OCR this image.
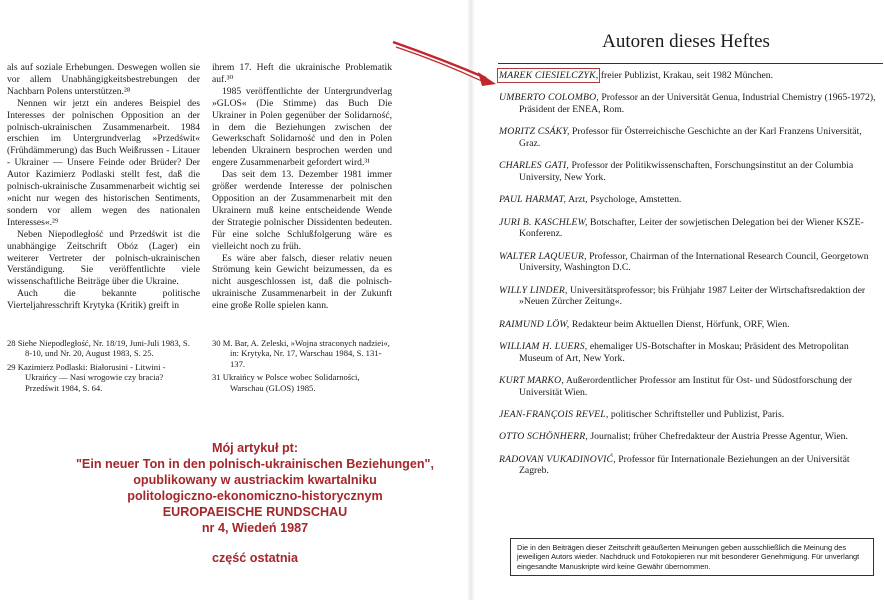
als auf soziale Erhebungen. Deswegen wollen sie vor allem Unabhängigkeitsbestrebungen der Nachbarn Polens unterstützen.²⁸

Nennen wir jetzt ein anderes Beispiel des Interesses der polnischen Opposition an der polnisch-ukrainischen Zusammenarbeit. 1984 erschien im Untergrundverlag »Przedświt« (Frühdämmerung) das Buch Weißrussen - Litauer - Ukrainer — Unsere Feinde oder Brüder? Der Autor Kazimierz Podlaski stellt fest, daß die polnisch-ukrainische Zusammenarbeit wichtig sei »nicht nur wegen des historischen Sentiments, sondern vor allem wegen des nationalen Interesses«.²⁹

Neben Niepodległość und Przedświt ist die unabhängige Zeitschrift Obóz (Lager) ein weiterer Vertreter der polnisch-ukrainischen Verständigung. Sie veröffentlichte viele wissenschaftliche Beiträge über die Ukraine.

Auch die bekannte politische Vierteljahresschrift Krytyka (Kritik) greift in

ihrem 17. Heft die ukrainische Problematik auf.³⁰

1985 veröffentlichte der Untergrundverlag »GLOS« (Die Stimme) das Buch Die Ukrainer in Polen gegenüber der Solidarność, in dem die Beziehungen zwischen der Gewerkschaft Solidarność und den in Polen lebenden Ukrainern besprochen werden und engere Zusammenarbeit gefordert wird.³¹

Das seit dem 13. Dezember 1981 immer größer werdende Interesse der polnischen Opposition an der Zusammenarbeit mit den Ukrainern muß keine entscheidende Wende der Strategie polnischer Dissidenten bedeuten. Für eine solche Schlußfolgerung wäre es vielleicht noch zu früh.

Es wäre aber falsch, dieser relativ neuen Strömung kein Gewicht beizumessen, da es nicht ausgeschlossen ist, daß die polnisch-ukrainische Zusammenarbeit in der Zukunft eine große Rolle spielen kann.

28 Siehe Niepodległość, Nr. 18/19, Juni-Juli 1983, S. 8-10, und Nr. 20, August 1983, S. 25.
29 Kazimierz Podlaski: Białorusini - Litwini - Ukraińcy — Nasi wrogowie czy bracia? Przedświt 1984, S. 64.
30 M. Bar, A. Zeleski, »Wojna straconych nadziei«, in: Krytyka, Nr. 17, Warschau 1984, S. 131-137.
31 Ukraińcy w Polsce wobec Solidarności, Warschau (GLOS) 1985.
Mój artykuł pt:
"Ein neuer Ton in den polnisch-ukrainischen Beziehungen",
opublikowany w austriackim kwartalniku
politologiczno-ekonomiczno-historycznym
EUROPAEISCHE RUNDSCHAU
nr 4, Wiedeń 1987
część ostatnia
Autoren dieses Heftes
MAREK CIESIELCZYK, freier Publizist, Krakau, seit 1982 München.
UMBERTO COLOMBO, Professor an der Universität Genua, Industrial Chemistry (1965-1972), Präsident der ENEA, Rom.
MORITZ CSÁKY, Professor für Österreichische Geschichte an der Karl Franzens Universität, Graz.
CHARLES GATI, Professor der Politikwissenschaften, Forschungsinstitut an der Columbia University, New York.
PAUL HARMAT, Arzt, Psychologe, Amstetten.
JURI B. KASCHLEW, Botschafter, Leiter der sowjetischen Delegation bei der Wiener KSZE-Konferenz.
WALTER LAQUEUR, Professor, Chairman of the International Research Council, Georgetown University, Washington D.C.
WILLY LINDER, Universitätsprofessor; bis Frühjahr 1987 Leiter der Wirtschaftsredaktion der »Neuen Zürcher Zeitung«.
RAIMUND LÖW, Redakteur beim Aktuellen Dienst, Hörfunk, ORF, Wien.
WILLIAM H. LUERS, ehemaliger US-Botschafter in Moskau; Präsident des Metropolitan Museum of Art, New York.
KURT MARKO, Außerordentlicher Professor am Institut für Ost- und Südostforschung der Universität Wien.
JEAN-FRANÇOIS REVEL, politischer Schriftsteller und Publizist, Paris.
OTTO SCHÖNHERR, Journalist; früher Chefredakteur der Austria Presse Agentur, Wien.
RADOVAN VUKADINOVIĆ, Professor für Internationale Beziehungen an der Universität Zagreb.
Die in den Beiträgen dieser Zeitschrift geäußerten Meinungen geben ausschließlich die Meinung des jeweiligen Autors wieder. Nachdruck und Fotokopieren nur mit besonderer Genehmigung. Für unverlangt eingesandte Manuskripte wird keine Gewähr übernommen.
